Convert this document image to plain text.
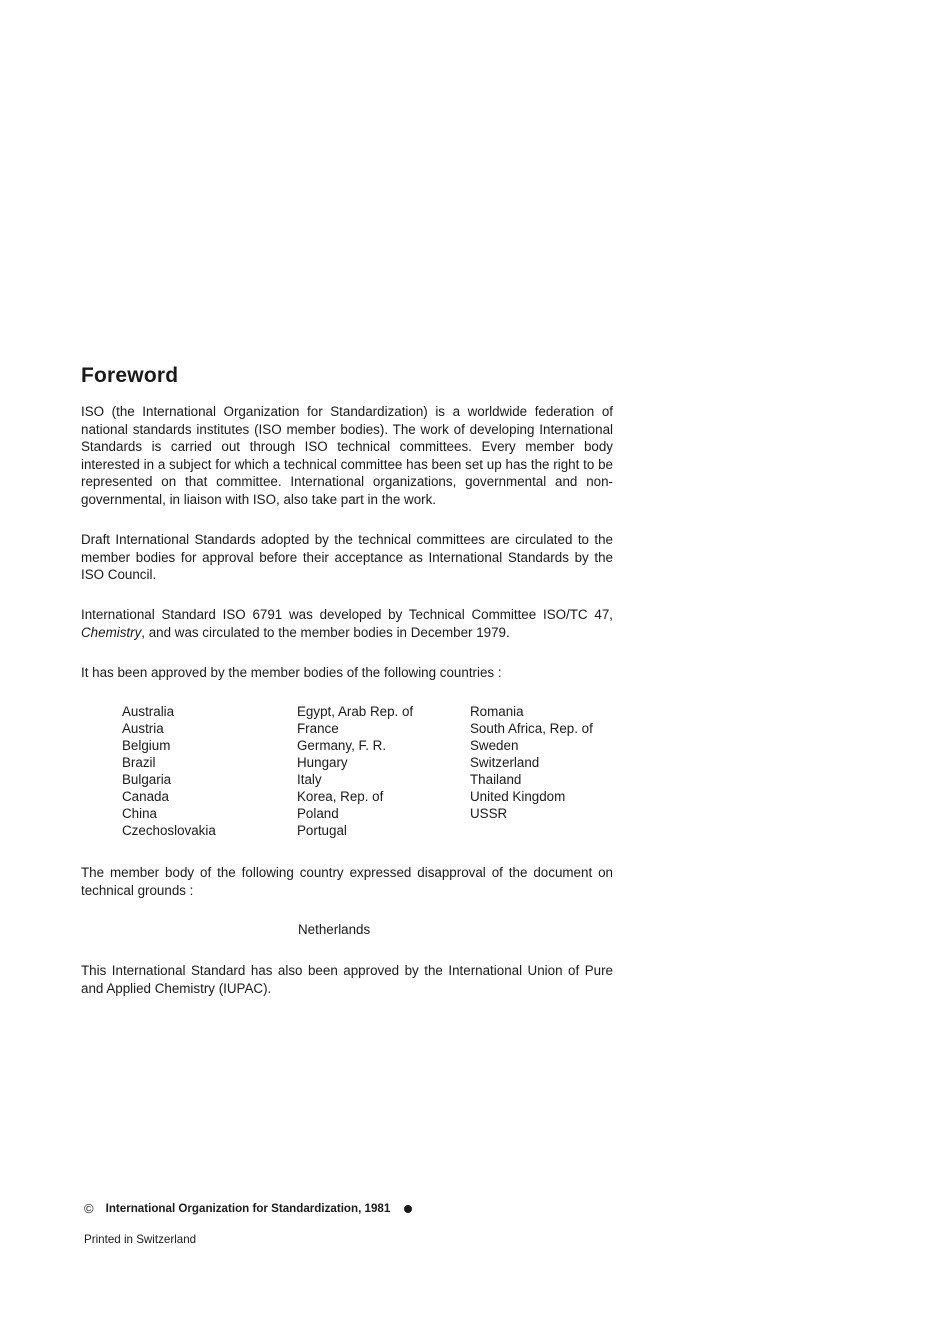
Foreword

ISO (the International Organization for Standardization) is a worldwide federation of national standards institutes (ISO member bodies). The work of developing International Standards is carried out through ISO technical committees. Every member body interested in a subject for which a technical committee has been set up has the right to be represented on that committee. International organizations, governmental and non-governmental, in liaison with ISO, also take part in the work.

Draft International Standards adopted by the technical committees are circulated to the member bodies for approval before their acceptance as International Standards by the ISO Council.

International Standard ISO 6791 was developed by Technical Committee ISO/TC 47, Chemistry, and was circulated to the member bodies in December 1979.

It has been approved by the member bodies of the following countries :

Australia
Austria
Belgium
Brazil
Bulgaria
Canada
China
Czechoslovakia
Egypt, Arab Rep. of
France
Germany, F. R.
Hungary
Italy
Korea, Rep. of
Poland
Portugal
Romania
South Africa, Rep. of
Sweden
Switzerland
Thailand
United Kingdom
USSR

The member body of the following country expressed disapproval of the document on technical grounds :

Netherlands

This International Standard has also been approved by the International Union of Pure and Applied Chemistry (IUPAC).

© International Organization for Standardization, 1981

Printed in Switzerland
